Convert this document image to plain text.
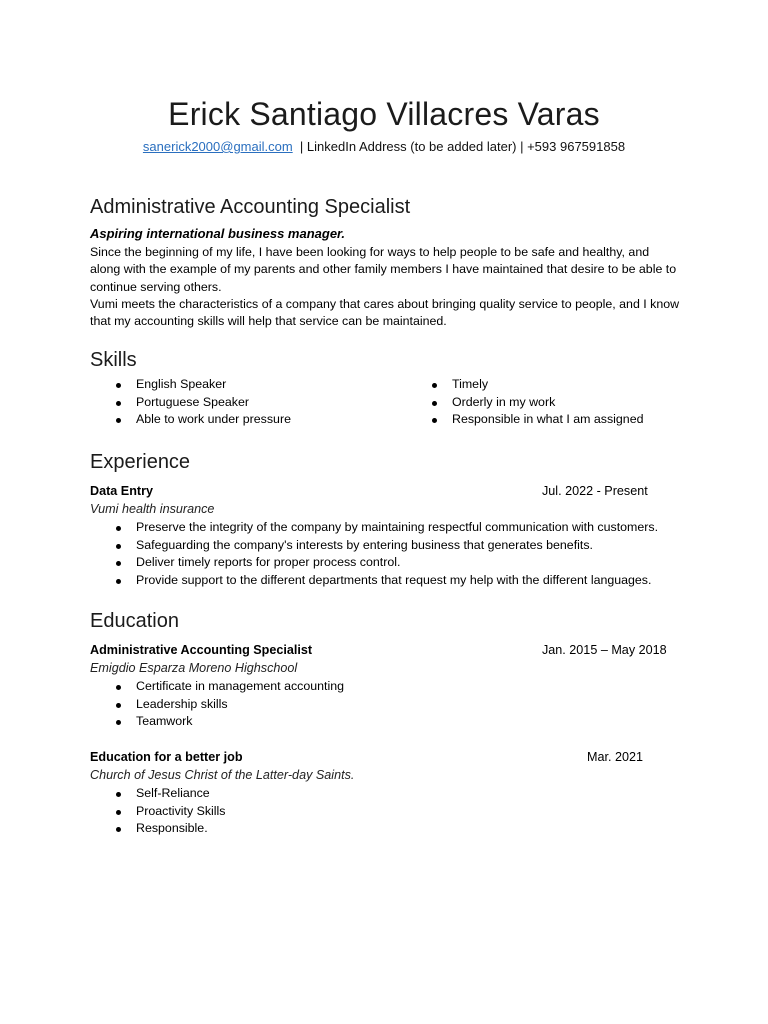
Erick Santiago Villacres Varas
sanerick2000@gmail.com | LinkedIn Address (to be added later) | +593 967591858
Administrative Accounting Specialist
Aspiring international business manager.

Since the beginning of my life, I have been looking for ways to help people to be safe and healthy, and along with the example of my parents and other family members I have maintained that desire to be able to continue serving others.

Vumi meets the characteristics of a company that cares about bringing quality service to people, and I know that my accounting skills will help that service can be maintained.

Skills
English Speaker
Portuguese Speaker
Able to work under pressure
Timely
Orderly in my work
Responsible in what I am assigned
Experience
Data Entry	Jul. 2022 - Present
Vumi health insurance
Preserve the integrity of the company by maintaining respectful communication with customers.
Safeguarding the company's interests by entering business that generates benefits.
Deliver timely reports for proper process control.
Provide support to the different departments that request my help with the different languages.
Education
Administrative Accounting Specialist	Jan. 2015 – May 2018
Emigdio Esparza Moreno Highschool
Certificate in management accounting
Leadership skills
Teamwork
Education for a better job	Mar. 2021
Church of Jesus Christ of the Latter-day Saints.
Self-Reliance
Proactivity Skills
Responsible.
